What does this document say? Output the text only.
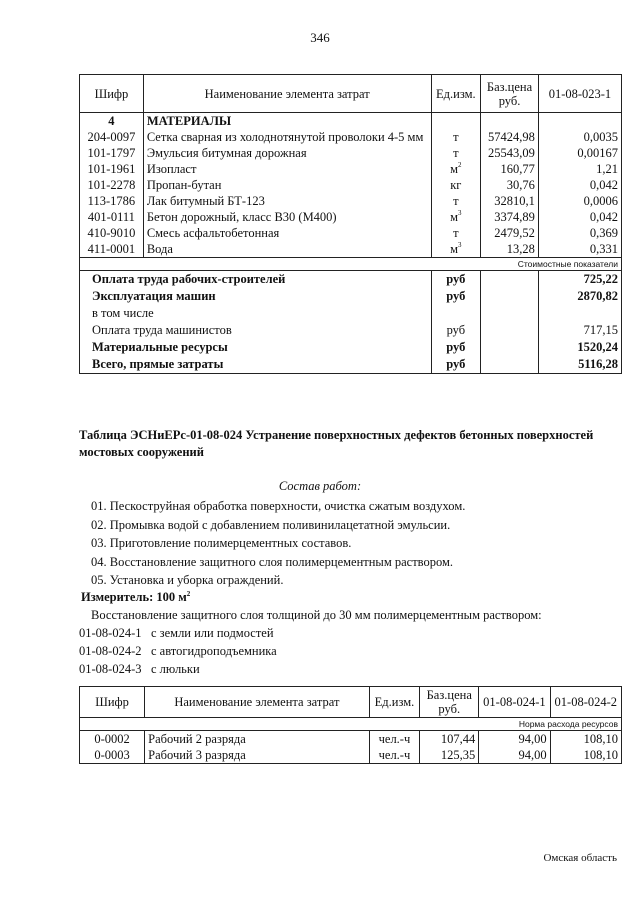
346
Шифр	Наименование элемента затрат	Ед.изм.	Баз.цена руб.	01-08-023-1
4	МАТЕРИАЛЫ			
204-0097	Сетка сварная из холоднотянутой проволоки 4-5 мм	т	57424,98	0,0035
101-1797	Эмульсия битумная дорожная	т	25543,09	0,00167
101-1961	Изопласт	$м^2$	160,77	1,21
101-2278	Пропан-бутан	кг	30,76	0,042
113-1786	Лак битумный БТ-123	т	32810,1	0,0006
401-0111	Бетон дорожный, класс В30 (М400)	$м^3$	3374,89	0,042
410-9010	Смесь асфальтобетонная	т	2479,52	0,369
411-0001	Вода	$м^3$	13,28	0,331
Стоимостные показатели				
Оплата труда рабочих-строителей		руб		725,22
Эксплуатация машин		руб		2870,82
в том числе				
Оплата труда машинистов		руб		717,15
Материальные ресурсы		руб		1520,24
Всего, прямые затраты		руб		5116,28
Таблица ЭСНиЕРс-01-08-024 Устранение поверхностных дефектов бетонных поверхностей мостовых сооружений
Состав работ:
01. Пескоструйная обработка поверхности, очистка сжатым воздухом.
02. Промывка водой с добавлением поливинилацетатной эмульсии.
03. Приготовление полимерцементных составов.
04. Восстановление защитного слоя полимерцементным раствором.
05. Установка и уборка ограждений.
Измеритель: 100 $м^2$
Восстановление защитного слоя толщиной до 30 мм полимерцементным раствором:
01-08-024-1 с земли или подмостей
01-08-024-2 с автогидроподъемника
01-08-024-3 с люльки
Шифр	Наименование элемента затрат	Ед.изм.	Баз.цена руб.	01-08-024-1	01-08-024-2
Норма расхода ресурсов					
0-0002	Рабочий 2 разряда	чел.-ч	107,44	94,00	108,10
0-0003	Рабочий 3 разряда	чел.-ч	125,35	94,00	108,10
Омская область
